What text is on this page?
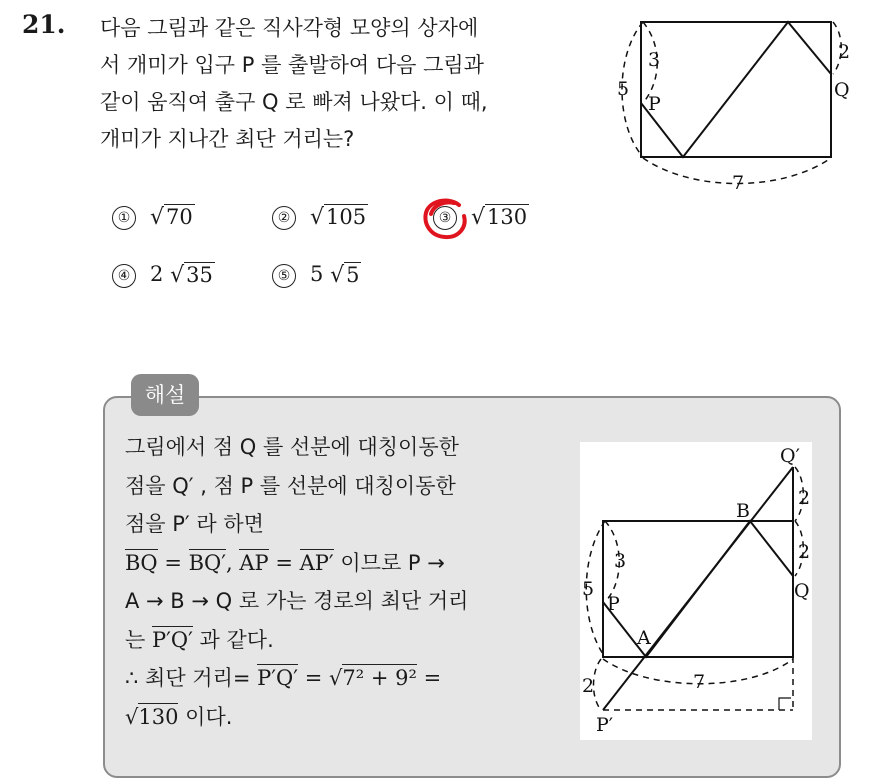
21. 다음 그림과 같은 직사각형 모양의 상자에
서 개미가 입구 P 를 출발하여 다음 그림과
같이 움직여 출구 Q 로 빠져 나왔다. 이 때,
개미가 지나간 최단 거리는?
3
5
P
2
Q
7
① √70	② √105	③ √130
④ 2 √35	⑤ 5 √5
해설
그림에서 점 Q 를 선분에 대칭이동한
점을 Q′ , 점 P 를 선분에 대칭이동한
점을 P′ 라 하면
BQ = BQ′, AP = AP′ 이므로 P →
A → B → Q 로 가는 경로의 최단 거리
는 P′Q′ 과 같다.
∴ 최단 거리= P′Q′ = √7² + 9² =
√130 이다.
Q′
B
2
2
Q
3
5
P
A
7
2
P′
